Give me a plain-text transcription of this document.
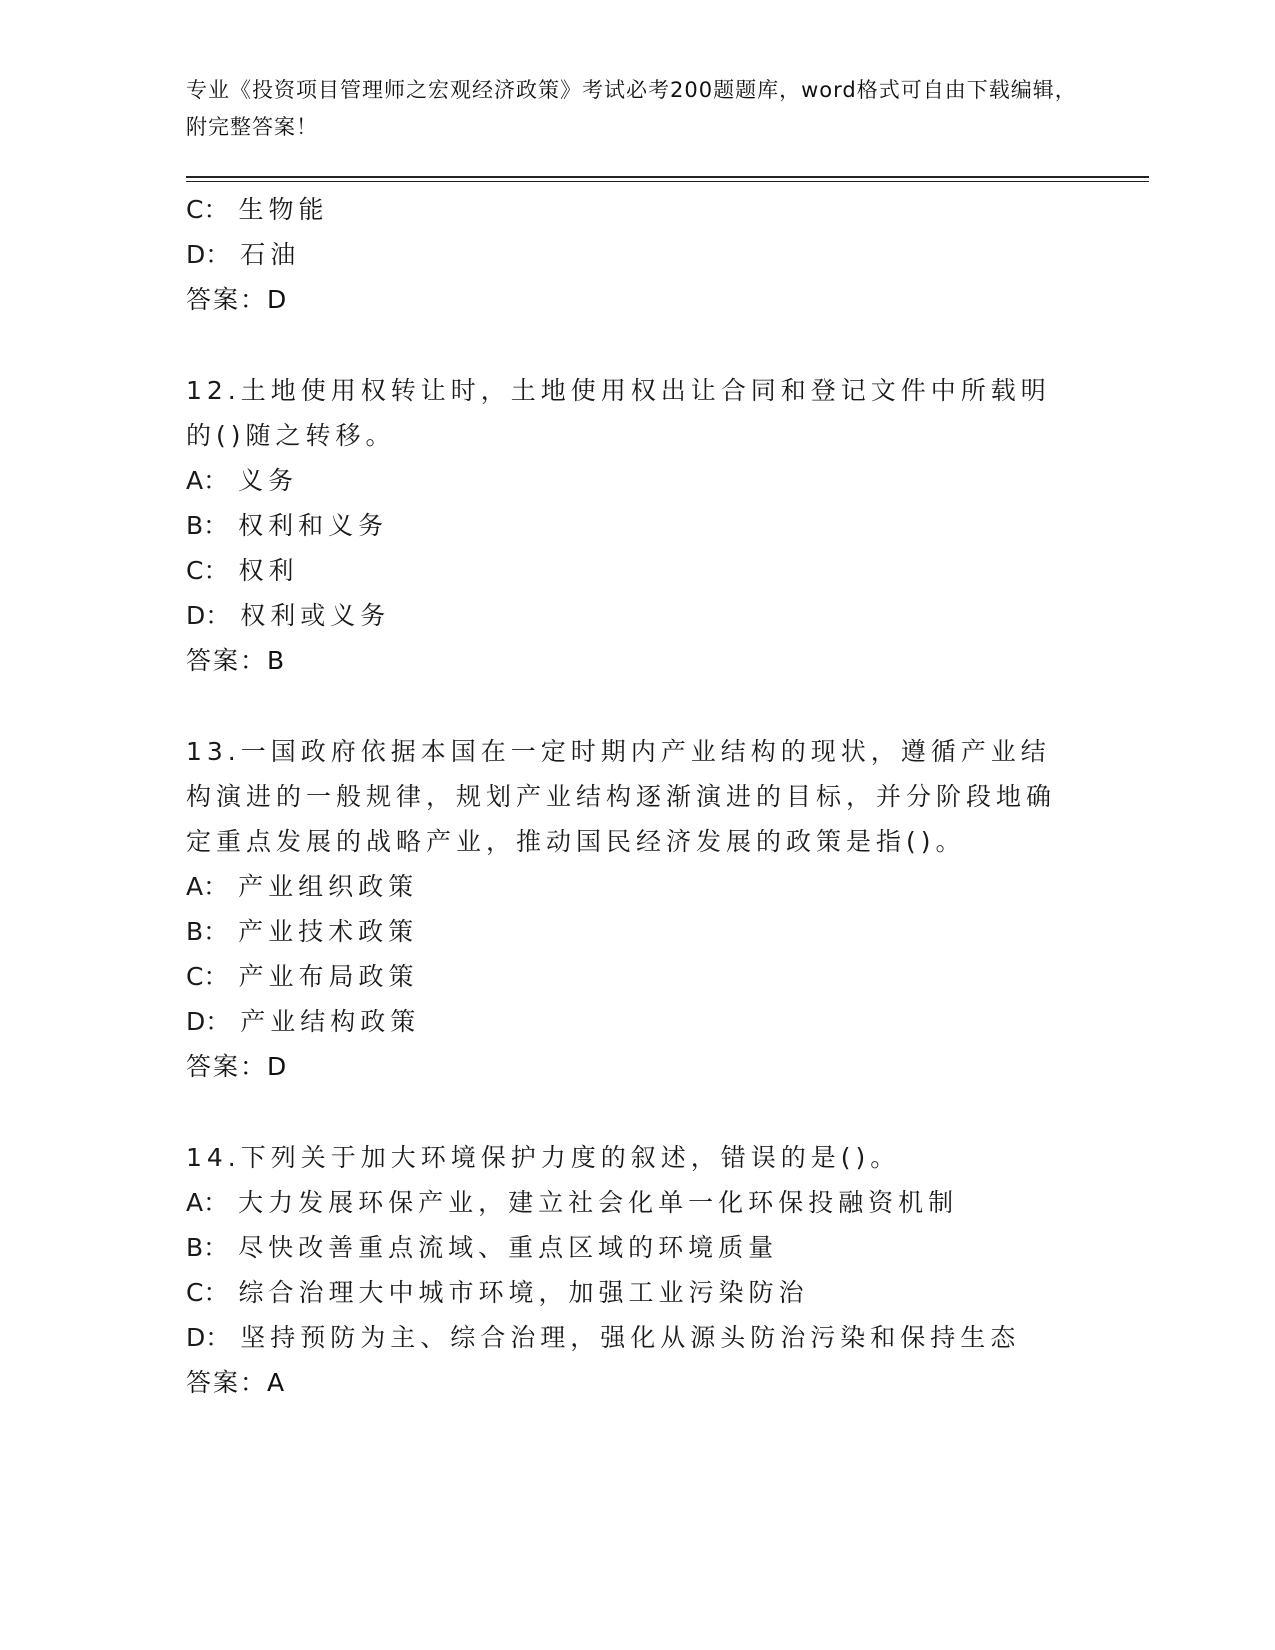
专业《投资项目管理师之宏观经济政策》考试必考200题题库，word格式可自由下载编辑，附完整答案！
C： 生物能
D： 石油
答案：D
12.土地使用权转让时，土地使用权出让合同和登记文件中所载明的()随之转移。
A： 义务
B： 权利和义务
C： 权利
D： 权利或义务
答案：B
13.一国政府依据本国在一定时期内产业结构的现状，遵循产业结构演进的一般规律，规划产业结构逐渐演进的目标，并分阶段地确定重点发展的战略产业，推动国民经济发展的政策是指()。
A： 产业组织政策
B： 产业技术政策
C： 产业布局政策
D： 产业结构政策
答案：D
14.下列关于加大环境保护力度的叙述，错误的是()。
A： 大力发展环保产业，建立社会化单一化环保投融资机制
B： 尽快改善重点流域、重点区域的环境质量
C： 综合治理大中城市环境，加强工业污染防治
D： 坚持预防为主、综合治理，强化从源头防治污染和保持生态
答案：A
